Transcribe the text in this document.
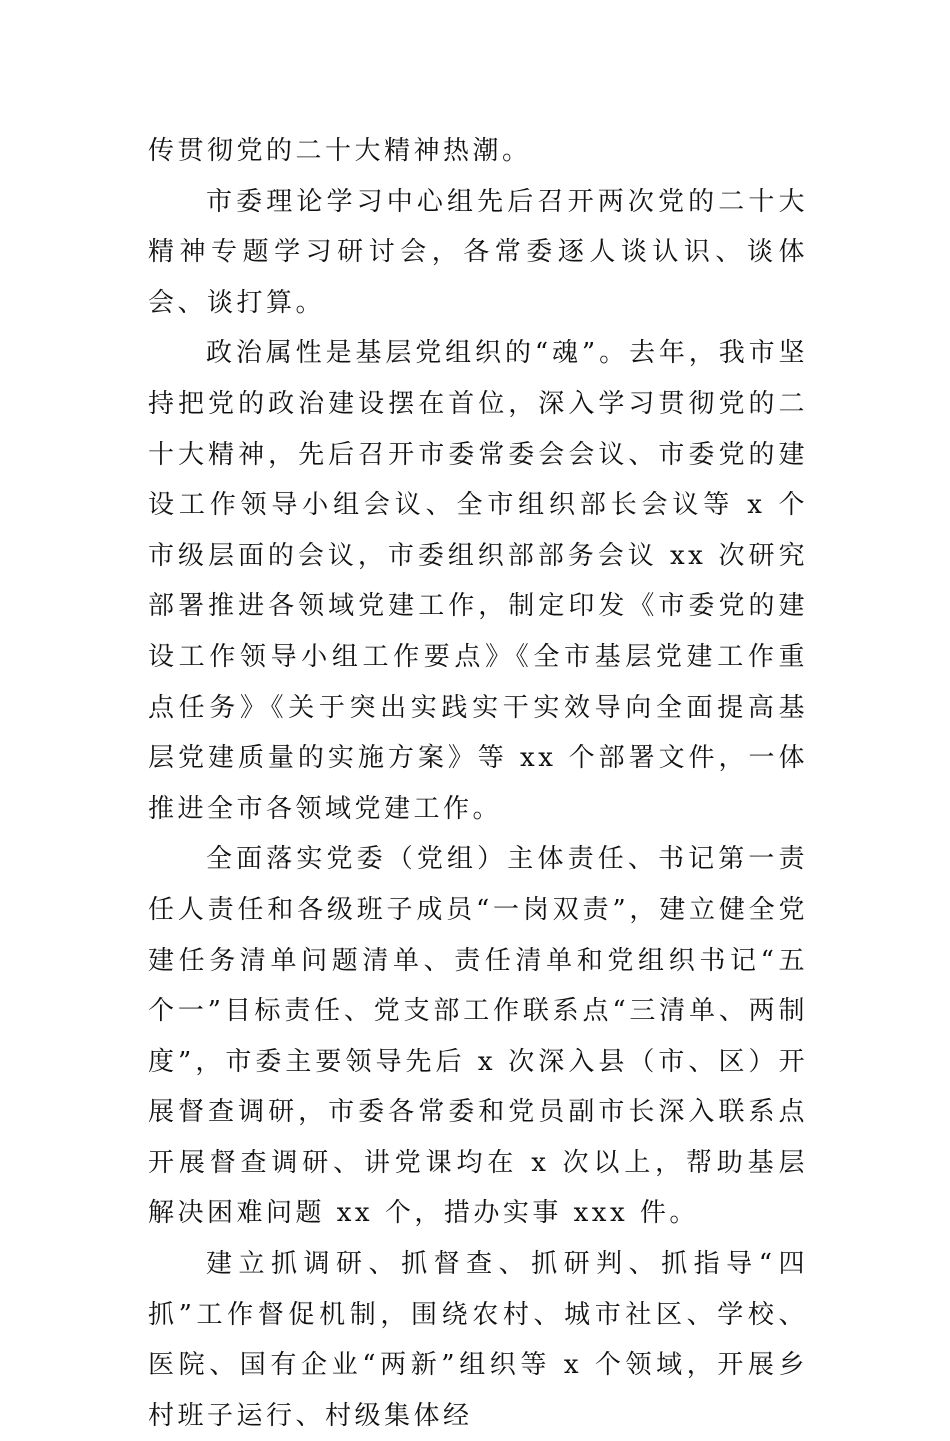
传贯彻党的二十大精神热潮。

市委理论学习中心组先后召开两次党的二十大精神专题学习研讨会，各常委逐人谈认识、谈体会、谈打算。

政治属性是基层党组织的“魂”。去年，我市坚持把党的政治建设摆在首位，深入学习贯彻党的二十大精神，先后召开市委常委会会议、市委党的建设工作领导小组会议、全市组织部长会议等 x 个市级层面的会议，市委组织部部务会议 xx 次研究部署推进各领域党建工作，制定印发《市委党的建设工作领导小组工作要点》《全市基层党建工作重点任务》《关于突出实践实干实效导向全面提高基层党建质量的实施方案》等 xx 个部署文件，一体推进全市各领域党建工作。

全面落实党委（党组）主体责任、书记第一责任人责任和各级班子成员“一岗双责”，建立健全党建任务清单问题清单、责任清单和党组织书记“五个一”目标责任、党支部工作联系点“三清单、两制度”，市委主要领导先后 x 次深入县（市、区）开展督查调研，市委各常委和党员副市长深入联系点开展督查调研、讲党课均在 x 次以上，帮助基层解决困难问题 xx 个，措办实事 xxx 件。

建立抓调研、抓督查、抓研判、抓指导“四抓”工作督促机制，围绕农村、城市社区、学校、医院、国有企业“两新”组织等 x 个领域，开展乡村班子运行、村级集体经
